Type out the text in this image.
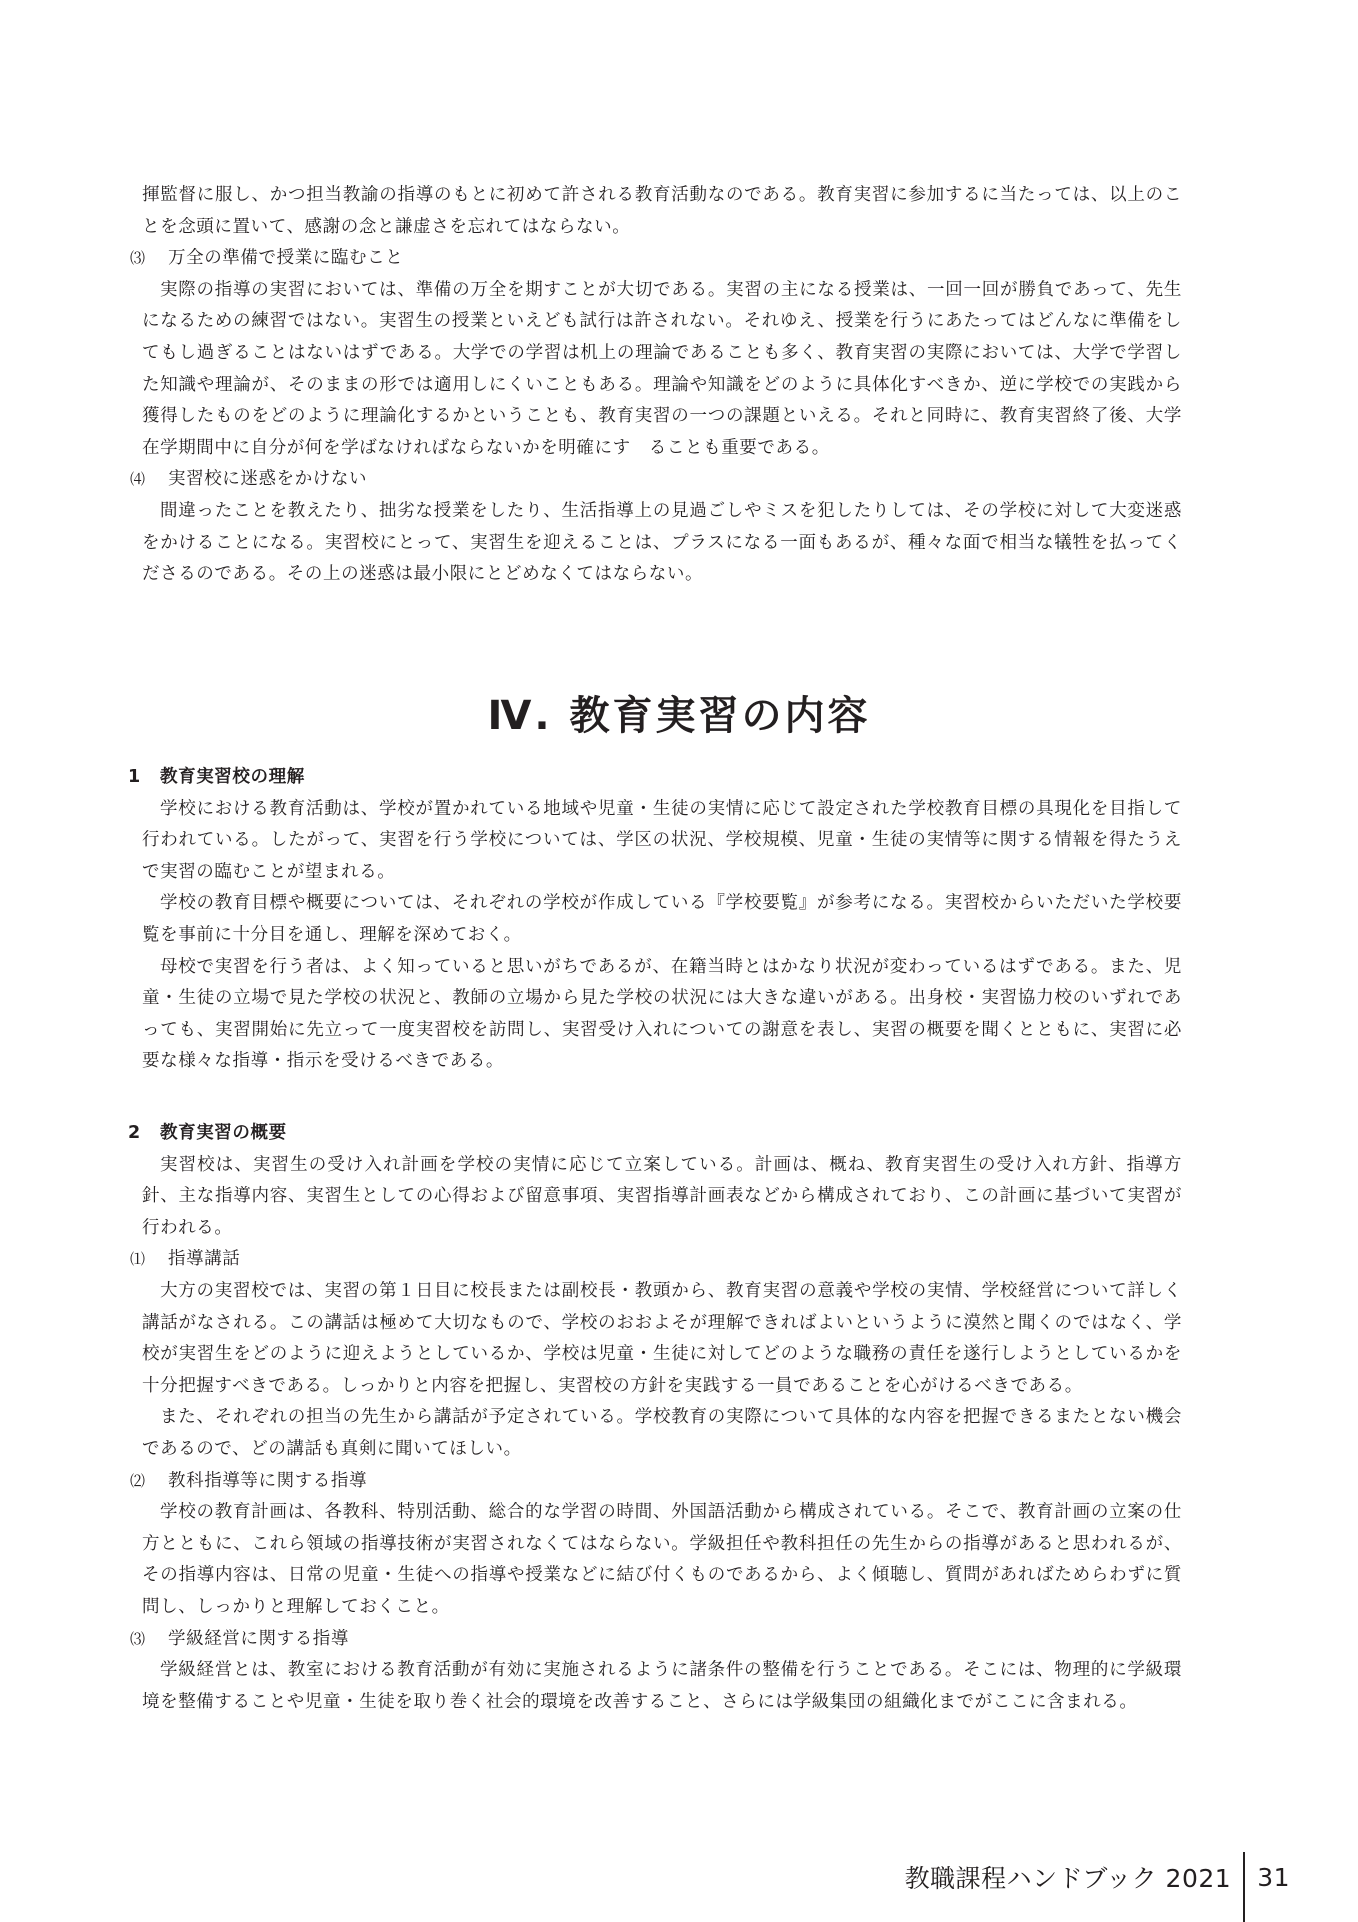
揮監督に服し、かつ担当教諭の指導のもとに初めて許される教育活動なのである。教育実習に参加するに当たっては、以上のことを念頭に置いて、感謝の念と謙虚さを忘れてはならない。

⑶ 万全の準備で授業に臨むこと

実際の指導の実習においては、準備の万全を期すことが大切である。実習の主になる授業は、一回一回が勝負であって、先生になるための練習ではない。実習生の授業といえども試行は許されない。それゆえ、授業を行うにあたってはどんなに準備をしてもし過ぎることはないはずである。大学での学習は机上の理論であることも多く、教育実習の実際においては、大学で学習した知識や理論が、そのままの形では適用しにくいこともある。理論や知識をどのように具体化すべきか、逆に学校での実践から獲得したものをどのように理論化するかということも、教育実習の一つの課題といえる。それと同時に、教育実習終了後、大学在学期間中に自分が何を学ばなければならないかを明確にす　ることも重要である。

⑷ 実習校に迷惑をかけない

間違ったことを教えたり、拙劣な授業をしたり、生活指導上の見過ごしやミスを犯したりしては、その学校に対して大変迷惑をかけることになる。実習校にとって、実習生を迎えることは、プラスになる一面もあるが、種々な面で相当な犠牲を払ってくださるのである。その上の迷惑は最小限にとどめなくてはならない。

Ⅳ. 教育実習の内容

1 教育実習校の理解

学校における教育活動は、学校が置かれている地域や児童・生徒の実情に応じて設定された学校教育目標の具現化を目指して行われている。したがって、実習を行う学校については、学区の状況、学校規模、児童・生徒の実情等に関する情報を得たうえで実習の臨むことが望まれる。

学校の教育目標や概要については、それぞれの学校が作成している『学校要覧』が参考になる。実習校からいただいた学校要覧を事前に十分目を通し、理解を深めておく。

母校で実習を行う者は、よく知っていると思いがちであるが、在籍当時とはかなり状況が変わっているはずである。また、児童・生徒の立場で見た学校の状況と、教師の立場から見た学校の状況には大きな違いがある。出身校・実習協力校のいずれであっても、実習開始に先立って一度実習校を訪問し、実習受け入れについての謝意を表し、実習の概要を聞くとともに、実習に必要な様々な指導・指示を受けるべきである。

2 教育実習の概要

実習校は、実習生の受け入れ計画を学校の実情に応じて立案している。計画は、概ね、教育実習生の受け入れ方針、指導方針、主な指導内容、実習生としての心得および留意事項、実習指導計画表などから構成されており、この計画に基づいて実習が行われる。

⑴ 指導講話

大方の実習校では、実習の第１日目に校長または副校長・教頭から、教育実習の意義や学校の実情、学校経営について詳しく講話がなされる。この講話は極めて大切なもので、学校のおおよそが理解できればよいというように漠然と聞くのではなく、学校が実習生をどのように迎えようとしているか、学校は児童・生徒に対してどのような職務の責任を遂行しようとしているかを十分把握すべきである。しっかりと内容を把握し、実習校の方針を実践する一員であることを心がけるべきである。

また、それぞれの担当の先生から講話が予定されている。学校教育の実際について具体的な内容を把握できるまたとない機会であるので、どの講話も真剣に聞いてほしい。

⑵ 教科指導等に関する指導

学校の教育計画は、各教科、特別活動、総合的な学習の時間、外国語活動から構成されている。そこで、教育計画の立案の仕方とともに、これら領域の指導技術が実習されなくてはならない。学級担任や教科担任の先生からの指導があると思われるが、その指導内容は、日常の児童・生徒への指導や授業などに結び付くものであるから、よく傾聴し、質問があればためらわずに質問し、しっかりと理解しておくこと。

⑶ 学級経営に関する指導

学級経営とは、教室における教育活動が有効に実施されるように諸条件の整備を行うことである。そこには、物理的に学級環境を整備することや児童・生徒を取り巻く社会的環境を改善すること、さらには学級集団の組織化までがここに含まれる。

教職課程ハンドブック 2021 31
